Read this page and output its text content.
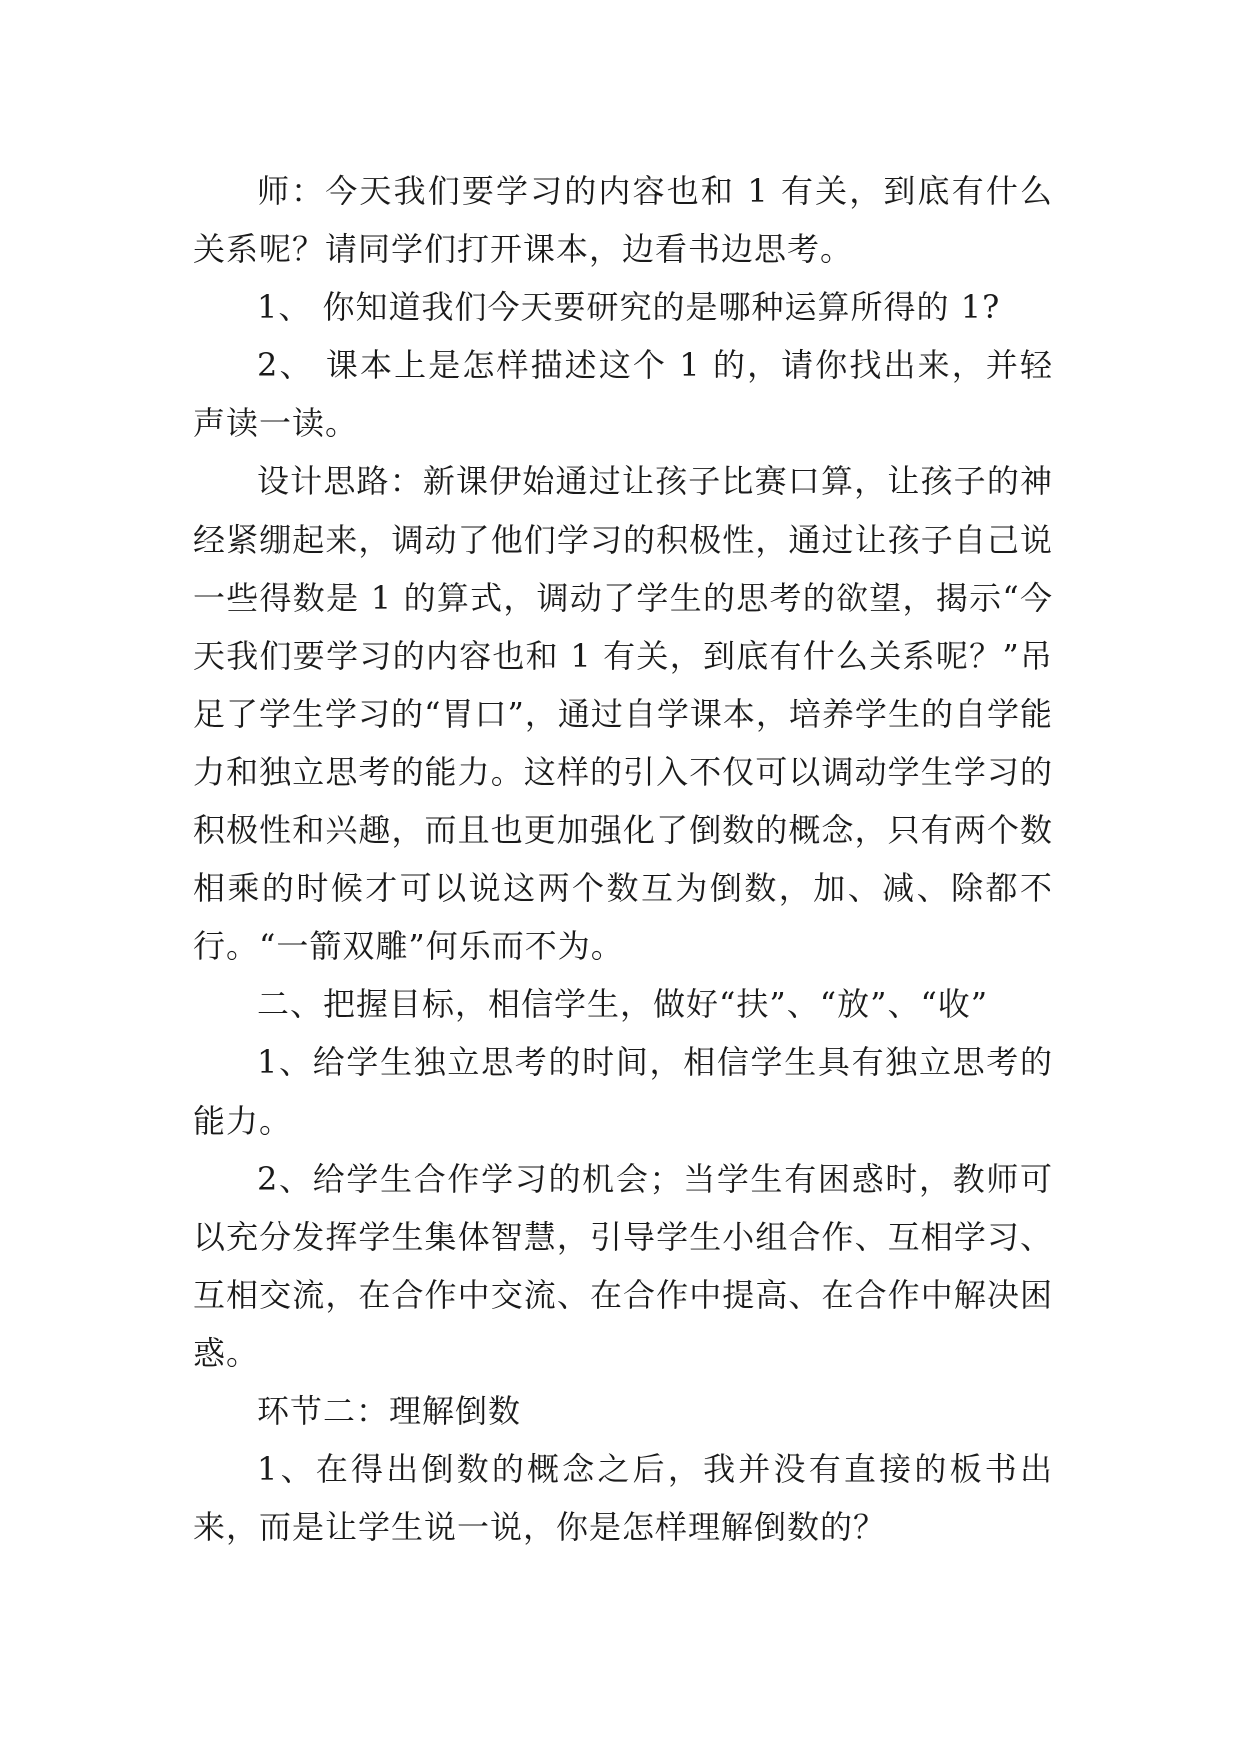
师：今天我们要学习的内容也和 1 有关，到底有什么关系呢？请同学们打开课本，边看书边思考。

1、 你知道我们今天要研究的是哪种运算所得的 1?

2、 课本上是怎样描述这个 1 的，请你找出来，并轻声读一读。

设计思路：新课伊始通过让孩子比赛口算，让孩子的神经紧绷起来，调动了他们学习的积极性，通过让孩子自己说一些得数是 1 的算式，调动了学生的思考的欲望，揭示“今天我们要学习的内容也和 1 有关，到底有什么关系呢？”吊足了学生学习的“胃口”，通过自学课本，培养学生的自学能力和独立思考的能力。这样的引入不仅可以调动学生学习的积极性和兴趣，而且也更加强化了倒数的概念，只有两个数相乘的时候才可以说这两个数互为倒数，加、减、除都不行。“一箭双雕”何乐而不为。

二、把握目标，相信学生，做好“扶”、“放”、“收”

1、给学生独立思考的时间，相信学生具有独立思考的能力。

2、给学生合作学习的机会；当学生有困惑时，教师可以充分发挥学生集体智慧，引导学生小组合作、互相学习、互相交流，在合作中交流、在合作中提高、在合作中解决困惑。

环节二：理解倒数

1、在得出倒数的概念之后，我并没有直接的板书出来，而是让学生说一说，你是怎样理解倒数的？
